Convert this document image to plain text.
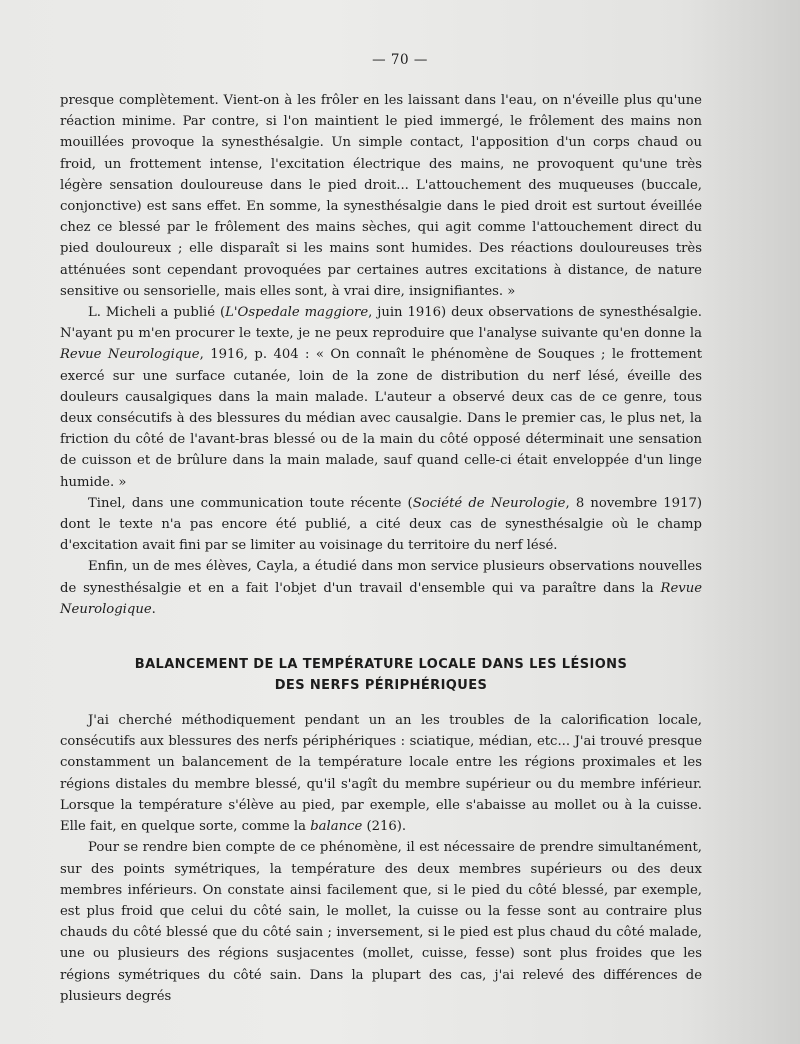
— 70 —

presque complètement. Vient-on à les frôler en les laissant dans l'eau, on n'éveille plus qu'une réaction minime. Par contre, si l'on maintient le pied immergé, le frôlement des mains non mouillées provoque la synesthésalgie. Un simple contact, l'apposition d'un corps chaud ou froid, un frottement intense, l'excitation électrique des mains, ne provoquent qu'une très légère sensation douloureuse dans le pied droit... L'attouchement des muqueuses (buccale, conjonctive) est sans effet. En somme, la synesthésalgie dans le pied droit est surtout éveillée chez ce blessé par le frôlement des mains sèches, qui agit comme l'attouchement direct du pied douloureux ; elle disparaît si les mains sont humides. Des réactions douloureuses très atténuées sont cependant provoquées par certaines autres excitations à distance, de nature sensitive ou sensorielle, mais elles sont, à vrai dire, insignifiantes. »

L. Micheli a publié (L'Ospedale maggiore, juin 1916) deux observations de synesthésalgie. N'ayant pu m'en procurer le texte, je ne peux reproduire que l'analyse suivante qu'en donne la Revue Neurologique, 1916, p. 404 : « On connaît le phénomène de Souques ; le frottement exercé sur une surface cutanée, loin de la zone de distribution du nerf lésé, éveille des douleurs causalgiques dans la main malade. L'auteur a observé deux cas de ce genre, tous deux consécutifs à des blessures du médian avec causalgie. Dans le premier cas, le plus net, la friction du côté de l'avant-bras blessé ou de la main du côté opposé déterminait une sensation de cuisson et de brûlure dans la main malade, sauf quand celle-ci était enveloppée d'un linge humide. »

Tinel, dans une communication toute récente (Société de Neurologie, 8 novembre 1917) dont le texte n'a pas encore été publié, a cité deux cas de synesthésalgie où le champ d'excitation avait fini par se limiter au voisinage du territoire du nerf lésé.

Enfin, un de mes élèves, Cayla, a étudié dans mon service plusieurs observations nouvelles de synesthésalgie et en a fait l'objet d'un travail d'ensemble qui va paraître dans la Revue Neurologique.

BALANCEMENT DE LA TEMPÉRATURE LOCALE DANS LES LÉSIONS
DES NERFS PÉRIPHÉRIQUES

J'ai cherché méthodiquement pendant un an les troubles de la calorification locale, consécutifs aux blessures des nerfs périphériques : sciatique, médian, etc... J'ai trouvé presque constamment un balancement de la température locale entre les régions proximales et les régions distales du membre blessé, qu'il s'agît du membre supérieur ou du membre inférieur. Lorsque la température s'élève au pied, par exemple, elle s'abaisse au mollet ou à la cuisse. Elle fait, en quelque sorte, comme la balance (216).

Pour se rendre bien compte de ce phénomène, il est nécessaire de prendre simultanément, sur des points symétriques, la température des deux membres supérieurs ou des deux membres inférieurs. On constate ainsi facilement que, si le pied du côté blessé, par exemple, est plus froid que celui du côté sain, le mollet, la cuisse ou la fesse sont au contraire plus chauds du côté blessé que du côté sain ; inversement, si le pied est plus chaud du côté malade, une ou plusieurs des régions susjacentes (mollet, cuisse, fesse) sont plus froides que les régions symétriques du côté sain. Dans la plupart des cas, j'ai relevé des différences de plusieurs degrés
